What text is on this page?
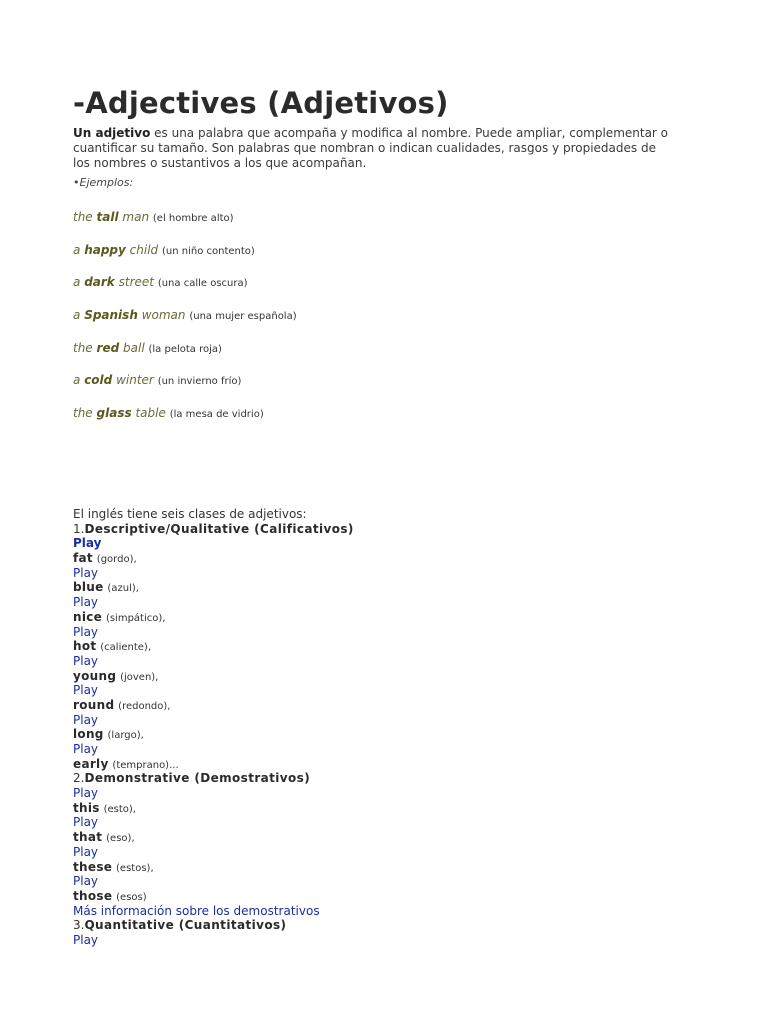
-Adjectives (Adjetivos)

Un adjetivo es una palabra que acompaña y modifica al nombre. Puede ampliar, complementar o cuantificar su tamaño. Son palabras que nombran o indican cualidades, rasgos y propiedades de los nombres o sustantivos a los que acompañan.

•Ejemplos:
the tall man (el hombre alto)
a happy child (un niño contento)
a dark street (una calle oscura)
a Spanish woman (una mujer española)
the red ball (la pelota roja)
a cold winter (un invierno frío)
the glass table (la mesa de vidrio)
El inglés tiene seis clases de adjetivos:
1.Descriptive/Qualitative (Calificativos)
Play
fat (gordo),
Play
blue (azul),
Play
nice (simpático),
Play
hot (caliente),
Play
young (joven),
Play
round (redondo),
Play
long (largo),
Play
early (temprano)...
2.Demonstrative (Demostrativos)
Play
this (esto),
Play
that (eso),
Play
these (estos),
Play
those (esos)
Más información sobre los demostrativos
3.Quantitative (Cuantitativos)
Play
